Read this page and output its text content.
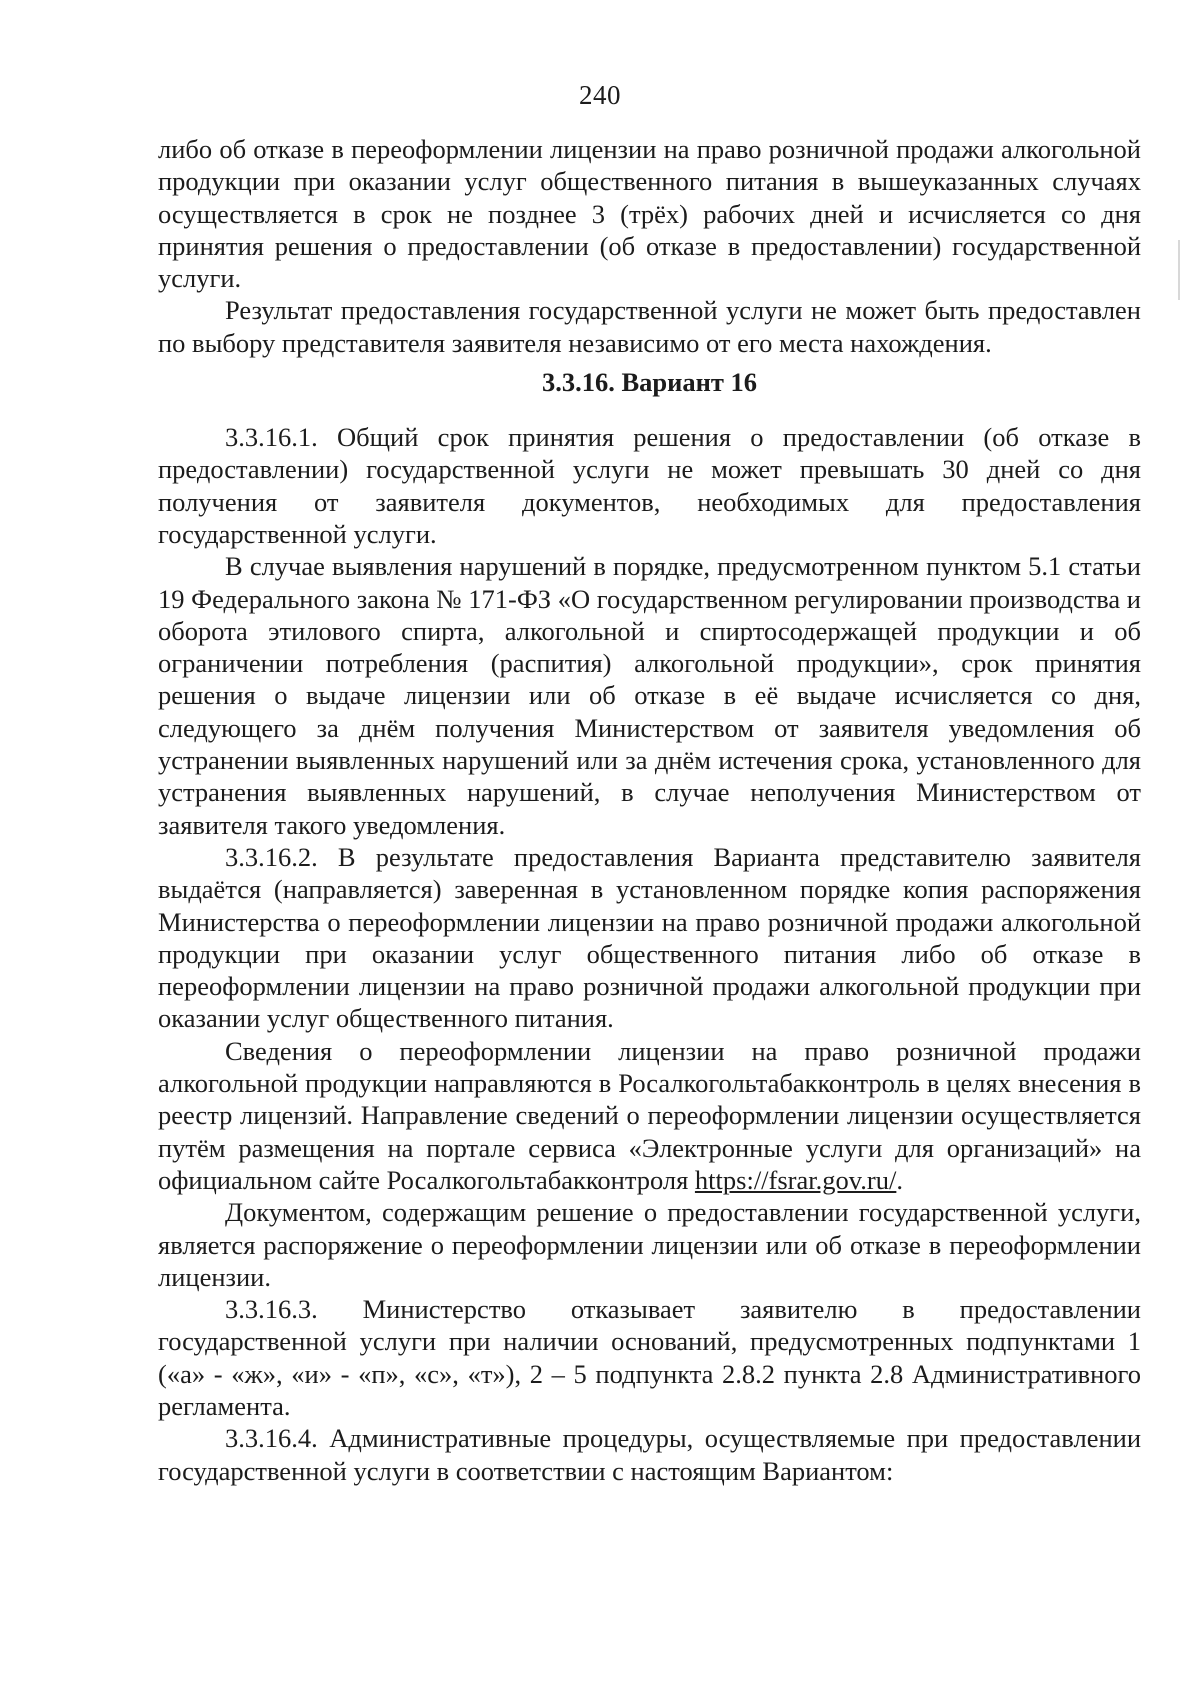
240

либо об отказе в переоформлении лицензии на право розничной продажи алкогольной продукции при оказании услуг общественного питания в вышеуказанных случаях осуществляется в срок не позднее 3 (трёх) рабочих дней и исчисляется со дня принятия решения о предоставлении (об отказе в предоставлении) государственной услуги.

Результат предоставления государственной услуги не может быть предоставлен по выбору представителя заявителя независимо от его места нахождения.

3.3.16. Вариант 16

3.3.16.1. Общий срок принятия решения о предоставлении (об отказе в предоставлении) государственной услуги не может превышать 30 дней со дня получения от заявителя документов, необходимых для предоставления государственной услуги.

В случае выявления нарушений в порядке, предусмотренном пунктом 5.1 статьи 19 Федерального закона № 171-ФЗ «О государственном регулировании производства и оборота этилового спирта, алкогольной и спиртосодержащей продукции и об ограничении потребления (распития) алкогольной продукции», срок принятия решения о выдаче лицензии или об отказе в её выдаче исчисляется со дня, следующего за днём получения Министерством от заявителя уведомления об устранении выявленных нарушений или за днём истечения срока, установленного для устранения выявленных нарушений, в случае неполучения Министерством от заявителя такого уведомления.

3.3.16.2. В результате предоставления Варианта представителю заявителя выдаётся (направляется) заверенная в установленном порядке копия распоряжения Министерства о переоформлении лицензии на право розничной продажи алкогольной продукции при оказании услуг общественного питания либо об отказе в переоформлении лицензии на право розничной продажи алкогольной продукции при оказании услуг общественного питания.

Сведения о переоформлении лицензии на право розничной продажи алкогольной продукции направляются в Росалкогольтабакконтроль в целях внесения в реестр лицензий. Направление сведений о переоформлении лицензии осуществляется путём размещения на портале сервиса «Электронные услуги для организаций» на официальном сайте Росалкогольтабакконтроля https://fsrar.gov.ru/.

Документом, содержащим решение о предоставлении государственной услуги, является распоряжение о переоформлении лицензии или об отказе в переоформлении лицензии.

3.3.16.3. Министерство отказывает заявителю в предоставлении государственной услуги при наличии оснований, предусмотренных подпунктами 1 («а» - «ж», «и» - «п», «с», «т»), 2 – 5 подпункта 2.8.2 пункта 2.8 Административного регламента.

3.3.16.4. Административные процедуры, осуществляемые при предоставлении государственной услуги в соответствии с настоящим Вариантом:
